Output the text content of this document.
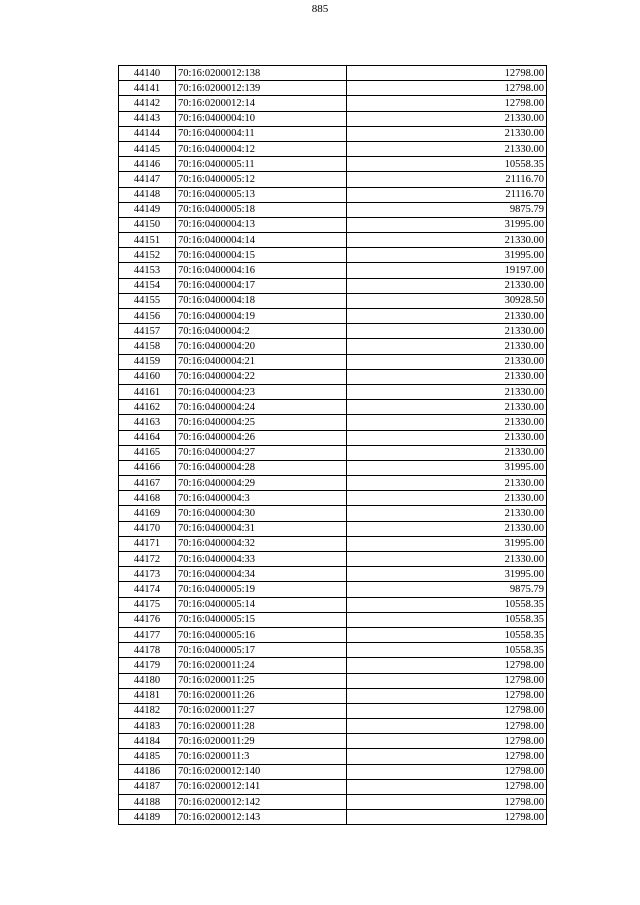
885
44140	70:16:0200012:138	12798.00
44141	70:16:0200012:139	12798.00
44142	70:16:0200012:14	12798.00
44143	70:16:0400004:10	21330.00
44144	70:16:0400004:11	21330.00
44145	70:16:0400004:12	21330.00
44146	70:16:0400005:11	10558.35
44147	70:16:0400005:12	21116.70
44148	70:16:0400005:13	21116.70
44149	70:16:0400005:18	9875.79
44150	70:16:0400004:13	31995.00
44151	70:16:0400004:14	21330.00
44152	70:16:0400004:15	31995.00
44153	70:16:0400004:16	19197.00
44154	70:16:0400004:17	21330.00
44155	70:16:0400004:18	30928.50
44156	70:16:0400004:19	21330.00
44157	70:16:0400004:2	21330.00
44158	70:16:0400004:20	21330.00
44159	70:16:0400004:21	21330.00
44160	70:16:0400004:22	21330.00
44161	70:16:0400004:23	21330.00
44162	70:16:0400004:24	21330.00
44163	70:16:0400004:25	21330.00
44164	70:16:0400004:26	21330.00
44165	70:16:0400004:27	21330.00
44166	70:16:0400004:28	31995.00
44167	70:16:0400004:29	21330.00
44168	70:16:0400004:3	21330.00
44169	70:16:0400004:30	21330.00
44170	70:16:0400004:31	21330.00
44171	70:16:0400004:32	31995.00
44172	70:16:0400004:33	21330.00
44173	70:16:0400004:34	31995.00
44174	70:16:0400005:19	9875.79
44175	70:16:0400005:14	10558.35
44176	70:16:0400005:15	10558.35
44177	70:16:0400005:16	10558.35
44178	70:16:0400005:17	10558.35
44179	70:16:0200011:24	12798.00
44180	70:16:0200011:25	12798.00
44181	70:16:0200011:26	12798.00
44182	70:16:0200011:27	12798.00
44183	70:16:0200011:28	12798.00
44184	70:16:0200011:29	12798.00
44185	70:16:0200011:3	12798.00
44186	70:16:0200012:140	12798.00
44187	70:16:0200012:141	12798.00
44188	70:16:0200012:142	12798.00
44189	70:16:0200012:143	12798.00
